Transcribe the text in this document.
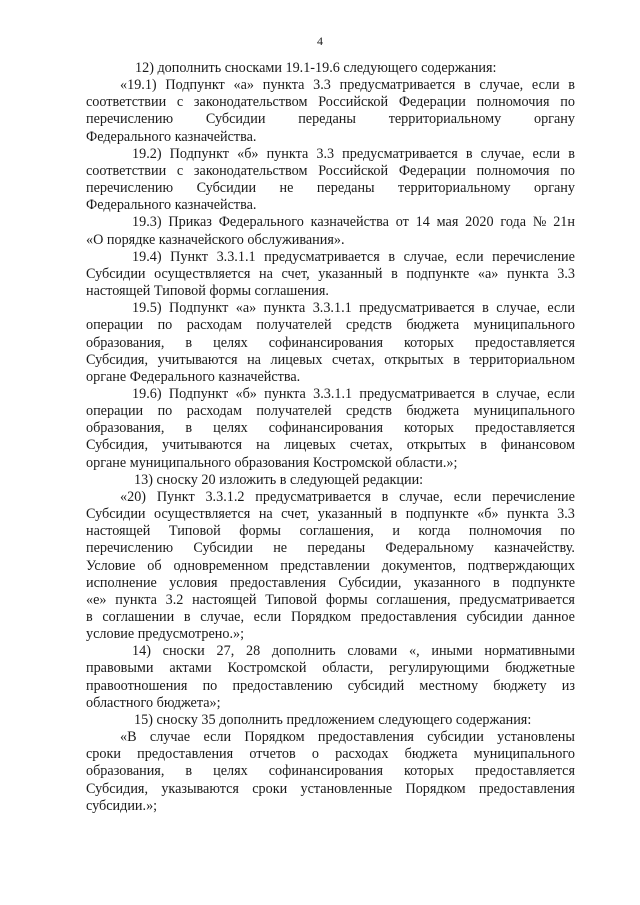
4
12) дополнить сносками 19.1-19.6 следующего содержания:
«19.1) Подпункт «а» пункта 3.3 предусматривается в случае, если в
соответствии с законодательством Российской Федерации полномочия по
перечислению Субсидии переданы территориальному органу
Федерального казначейства.
19.2) Подпункт «б» пункта 3.3 предусматривается в случае, если в
соответствии с законодательством Российской Федерации полномочия по
перечислению Субсидии не переданы территориальному органу
Федерального казначейства.
19.3) Приказ Федерального казначейства от 14 мая 2020 года № 21н
«О порядке казначейского обслуживания».
19.4) Пункт 3.3.1.1 предусматривается в случае, если перечисление
Субсидии осуществляется на счет, указанный в подпункте «а» пункта 3.3
настоящей Типовой формы соглашения.
19.5) Подпункт «а» пункта 3.3.1.1 предусматривается в случае, если
операции по расходам получателей средств бюджета муниципального
образования, в целях софинансирования которых предоставляется
Субсидия, учитываются на лицевых счетах, открытых в территориальном
органе Федерального казначейства.
19.6) Подпункт «б» пункта 3.3.1.1 предусматривается в случае, если
операции по расходам получателей средств бюджета муниципального
образования, в целях софинансирования которых предоставляется
Субсидия, учитываются на лицевых счетах, открытых в финансовом
органе муниципального образования Костромской области.»;
13) сноску 20 изложить в следующей редакции:
«20) Пункт 3.3.1.2 предусматривается в случае, если перечисление
Субсидии осуществляется на счет, указанный в подпункте «б» пункта 3.3
настоящей Типовой формы соглашения, и когда полномочия по
перечислению Субсидии не переданы Федеральному казначейству.
Условие об одновременном представлении документов, подтверждающих
исполнение условия предоставления Субсидии, указанного в подпункте
«е» пункта 3.2 настоящей Типовой формы соглашения, предусматривается
в соглашении в случае, если Порядком предоставления субсидии данное
условие предусмотрено.»;
14) сноски 27, 28 дополнить словами «, иными нормативными
правовыми актами Костромской области, регулирующими бюджетные
правоотношения по предоставлению субсидий местному бюджету из
областного бюджета»;
15) сноску 35 дополнить предложением следующего содержания:
«В случае если Порядком предоставления субсидии установлены
сроки предоставления отчетов о расходах бюджета муниципального
образования, в целях софинансирования которых предоставляется
Субсидия, указываются сроки установленные Порядком предоставления
субсидии.»;
